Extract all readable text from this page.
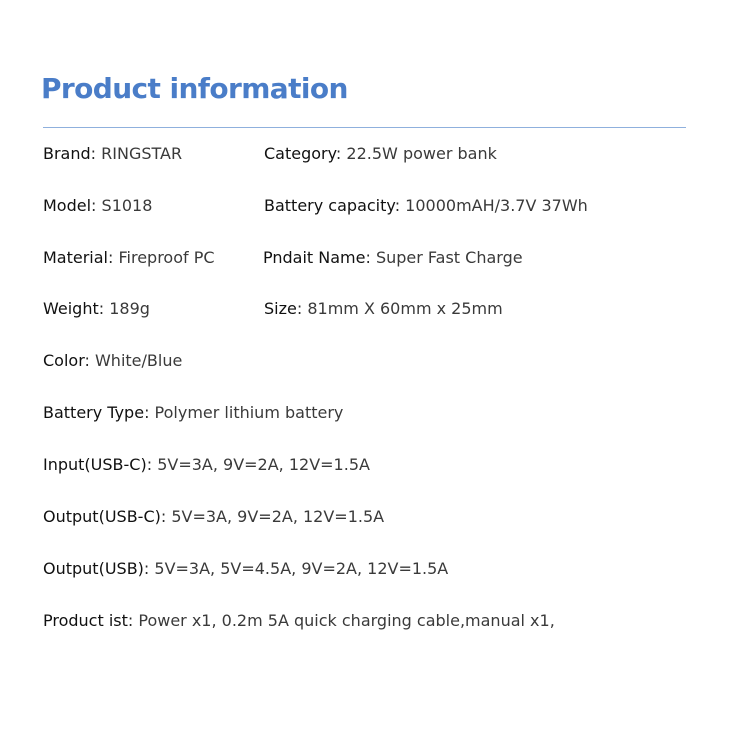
Product information
Brand: RINGSTAR	Category: 22.5W power bank
Model: S1018	Battery capacity: 10000mAH/3.7V 37Wh
Material: Fireproof PC	Pndait Name: Super Fast Charge
Weight: 189g	Size: 81mm X 60mm x 25mm
Color: White/Blue
Battery Type: Polymer lithium battery
Input(USB-C): 5V=3A, 9V=2A, 12V=1.5A
Output(USB-C): 5V=3A, 9V=2A, 12V=1.5A
Output(USB): 5V=3A, 5V=4.5A, 9V=2A, 12V=1.5A
Product ist: Power x1, 0.2m 5A quick charging cable,manual x1,
